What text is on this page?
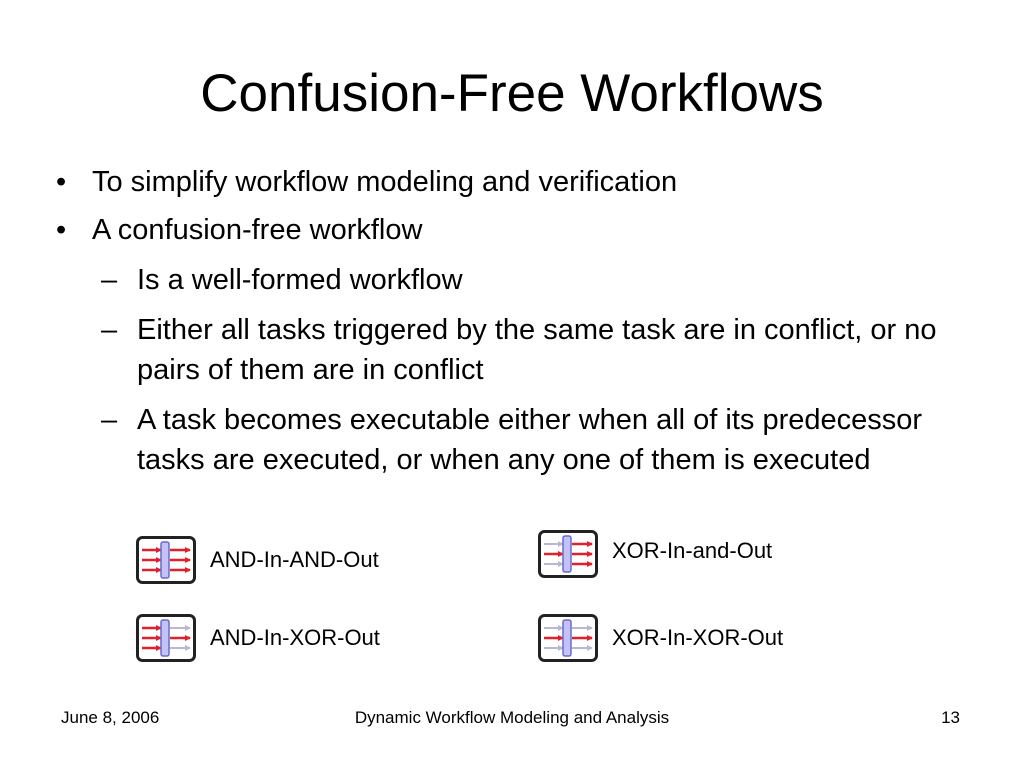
Confusion-Free Workflows
• To simplify workflow modeling and verification
• A confusion-free workflow
– Is a well-formed workflow
– Either all tasks triggered by the same task are in conflict, or no pairs of them are in conflict
– A task becomes executable either when all of its predecessor tasks are executed, or when any one of them is executed
AND-In-AND-Out	XOR-In-and-Out
AND-In-XOR-Out	XOR-In-XOR-Out
June 8, 2006	Dynamic Workflow Modeling and Analysis	13
